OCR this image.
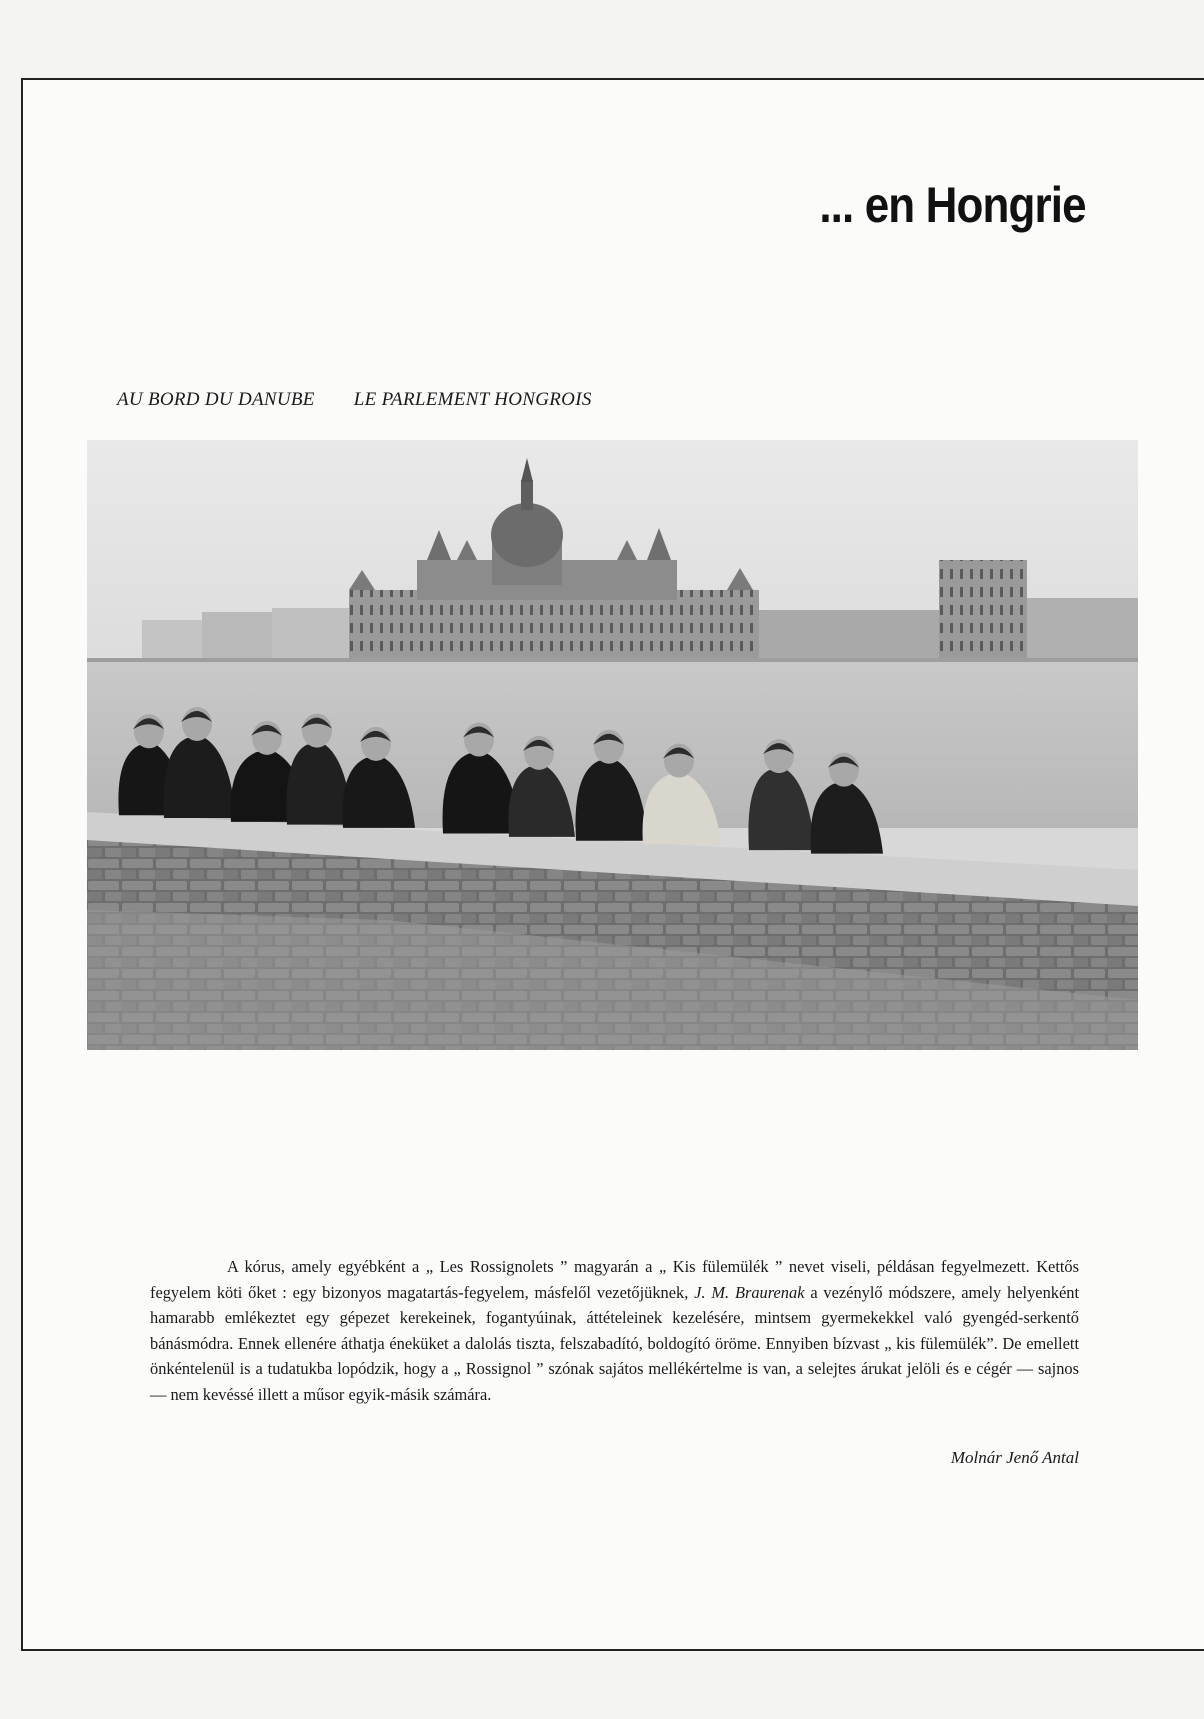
... en Hongrie
AU BORD DU DANUBE LE PARLEMENT HONGROIS

A kórus, amely egyébként a „ Les Rossignolets ” magyarán a „ Kis fülemülék ” nevet viseli, példásan fegyelmezett. Kettős fegyelem köti őket : egy bizonyos magatartás-fegyelem, másfelől vezetőjüknek, J. M. Braurenak a vezénylő módszere, amely helyenként hamarabb emlékeztet egy gépezet kerekeinek, fogantyúinak, áttételeinek kezelésére, mintsem gyermekekkel való gyengéd-serkentő bánásmódra. Ennek ellenére áthatja éneküket a dalolás tiszta, felszabadító, boldogító öröme. Ennyiben bízvast „ kis fülemülék”. De emellett önkéntelenül is a tudatukba lopódzik, hogy a „ Rossignol ” szónak sajátos mellékértelme is van, a selejtes árukat jelöli és e cégér — sajnos — nem kevéssé illett a műsor egyik-másik számára.

Molnár Jenő Antal
